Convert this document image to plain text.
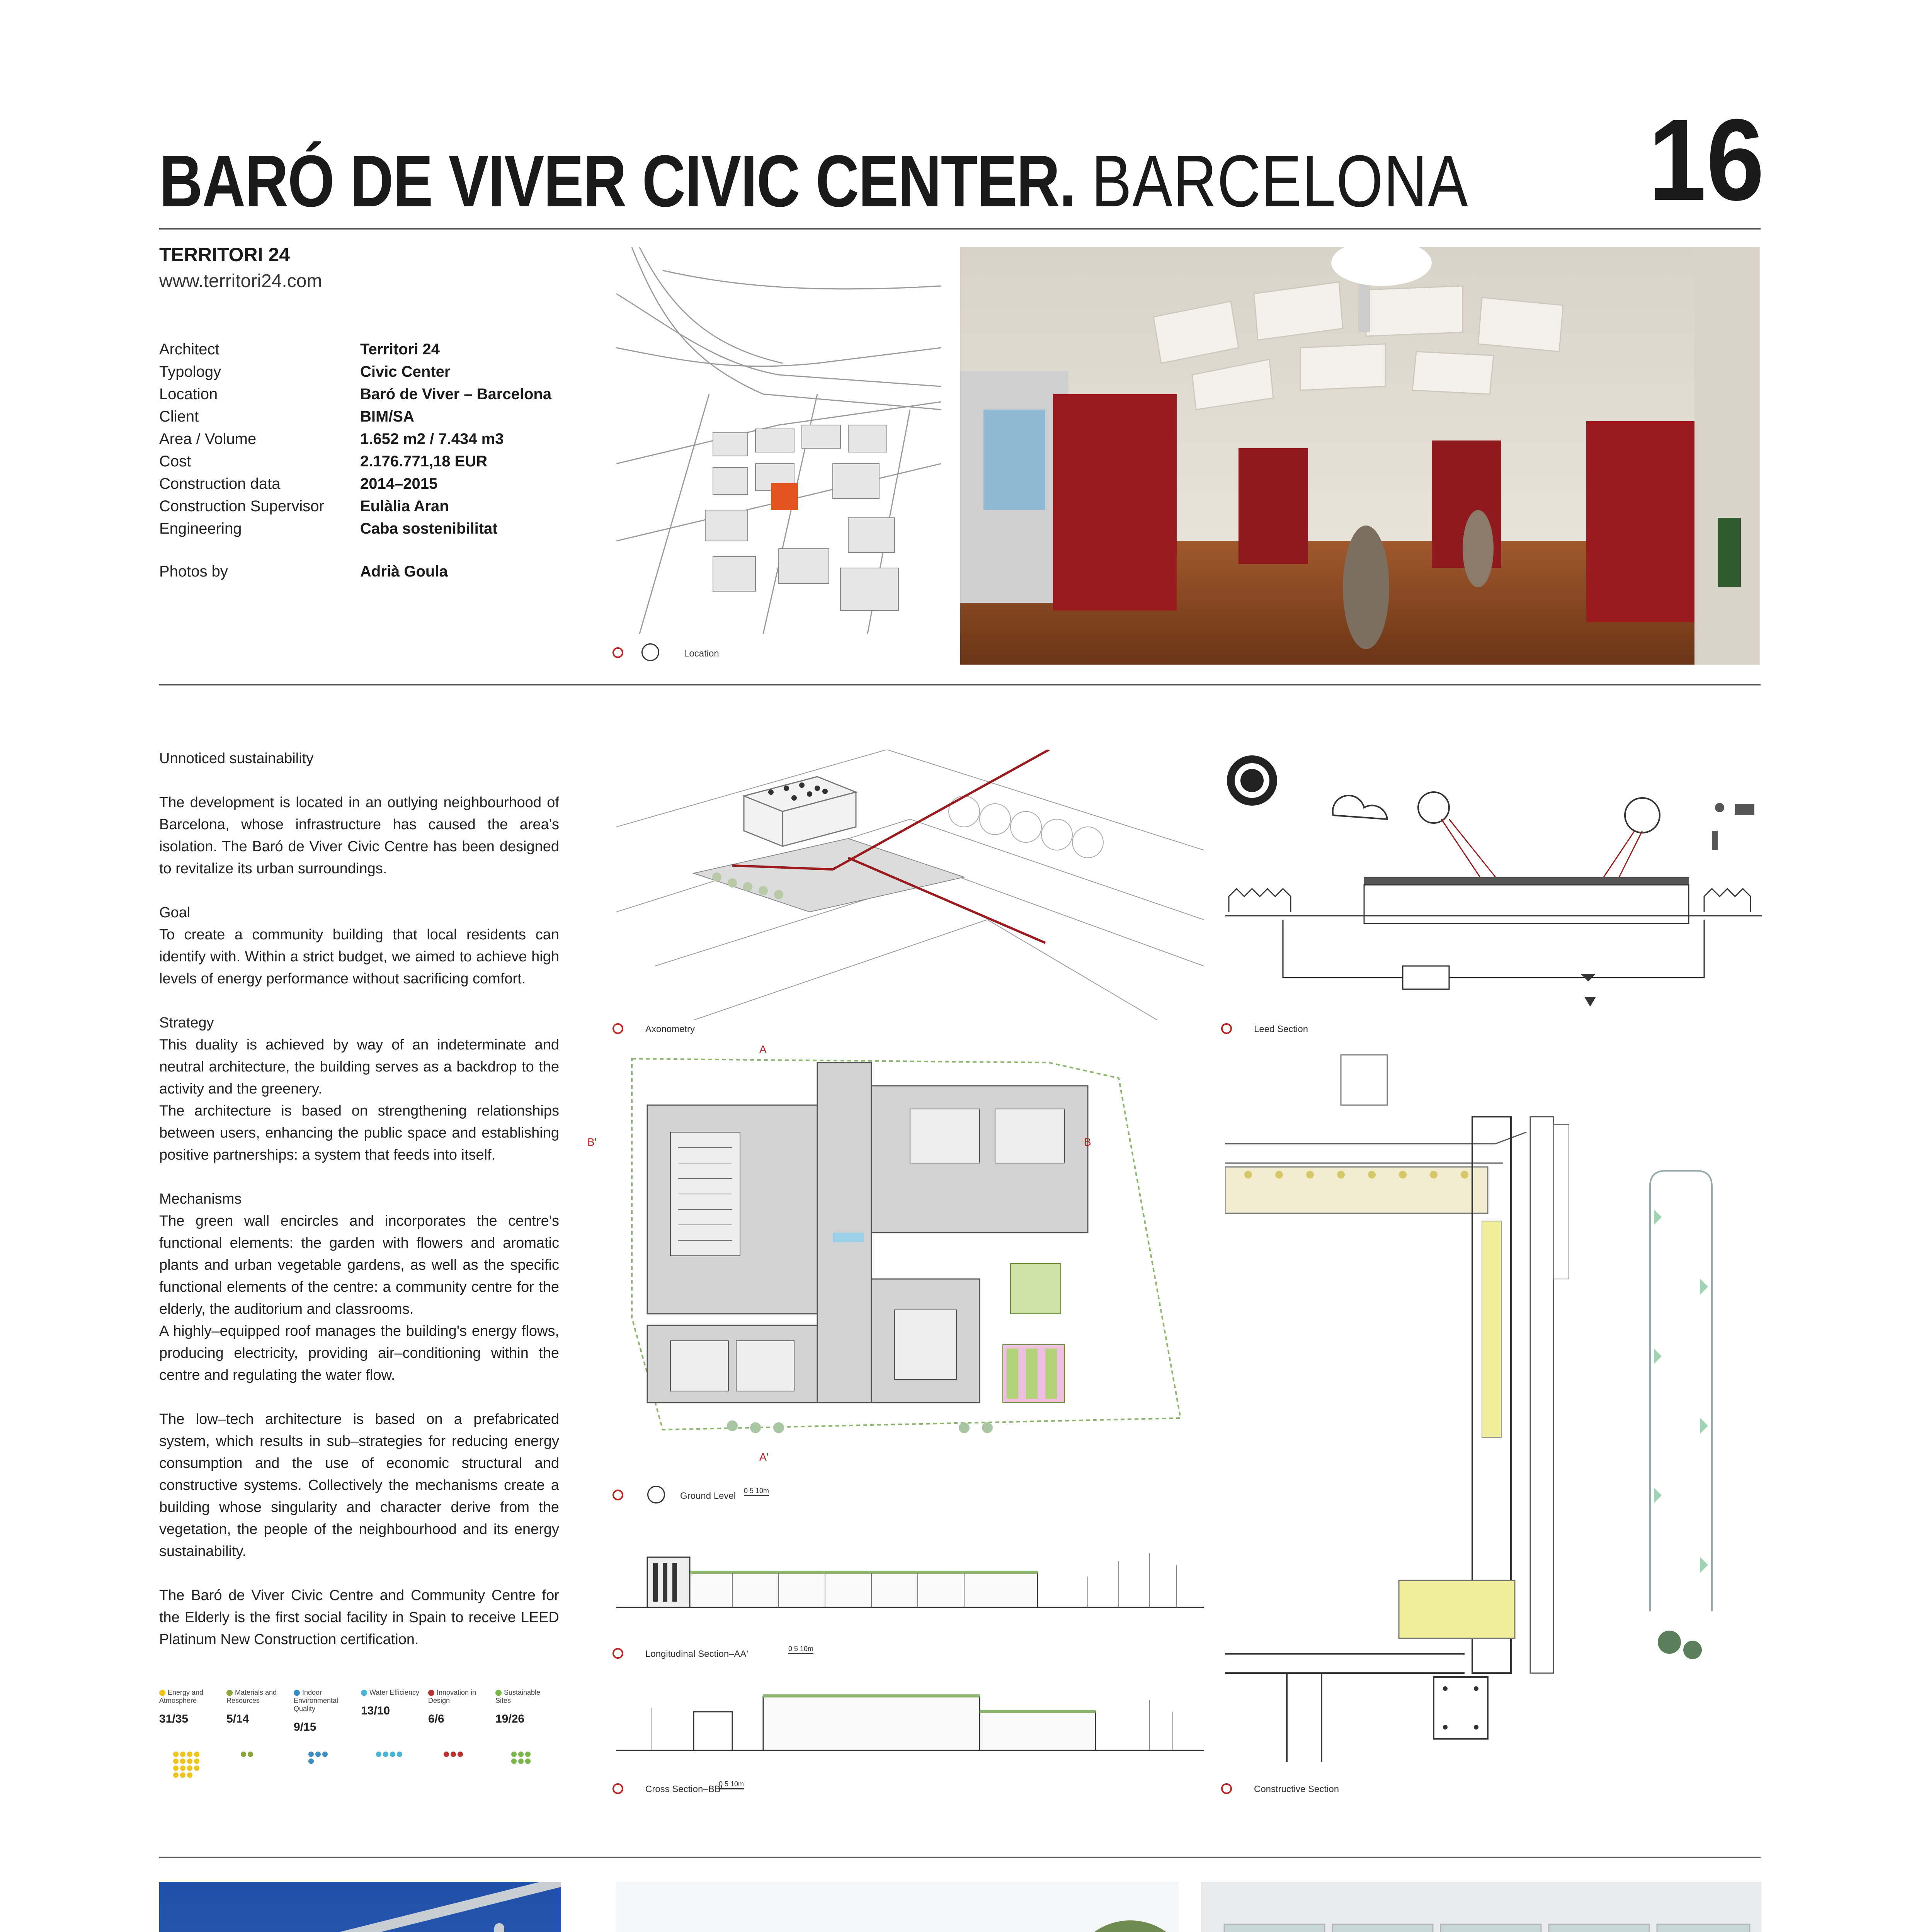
BARÓ DE VIVER CIVIC CENTER. BARCELONA 16
TERRITORI 24
www.territori24.com
Architect	Territori 24
Typology	Civic Center
Location	Baró de Viver – Barcelona
Client	BIM/SA
Area / Volume	1.652 m2 / 7.434 m3
Cost	2.176.771,18 EUR
Construction data	2014–2015
Construction Supervisor	Eulàlia Aran
Engineering	Caba sostenibilitat
Photos by	Adrià Goula
Location

Unnoticed sustainability

The development is located in an outlying neighbourhood of Barcelona, whose infrastructure has caused the area's isolation. The Baró de Viver Civic Centre has been designed to revitalize its urban surroundings.

Goal

To create a community building that local residents can identify with. Within a strict budget, we aimed to achieve high levels of energy performance without sacrificing comfort.

Strategy

This duality is achieved by way of an indeterminate and neutral architecture, the building serves as a backdrop to the activity and the greenery.

The architecture is based on strengthening relationships between users, enhancing the public space and establishing positive partnerships: a system that feeds into itself.

Mechanisms

The green wall encircles and incorporates the centre's functional elements: the garden with flowers and aromatic plants and urban vegetable gardens, as well as the specific functional elements of the centre: a community centre for the elderly, the auditorium and classrooms.

A highly–equipped roof manages the building's energy flows, producing electricity, providing air–conditioning within the centre and regulating the water flow.

The low–tech architecture is based on a prefabricated system, which results in sub–strategies for reducing energy consumption and the use of economic structural and constructive systems. Collectively the mechanisms create a building whose singularity and character derive from the vegetation, the people of the neighbourhood and its energy sustainability.

The Baró de Viver Civic Centre and Community Centre for the Elderly is the first social facility in Spain to receive LEED Platinum New Construction certification.

Energy and Atmosphere
31/35
Materials and Resources
5/14
Indoor Environmental Quality
9/15
Water Efficiency
13/10
Innovation in Design
6/6
Sustainable Sites
19/26
Axonometry	Leed Section
A
A'
B'	B
Ground Level 0 5 10m
Constructive Section
Longitudinal Section–AA'	0 5 10m
Cross Section–BB'
0 5 10m
